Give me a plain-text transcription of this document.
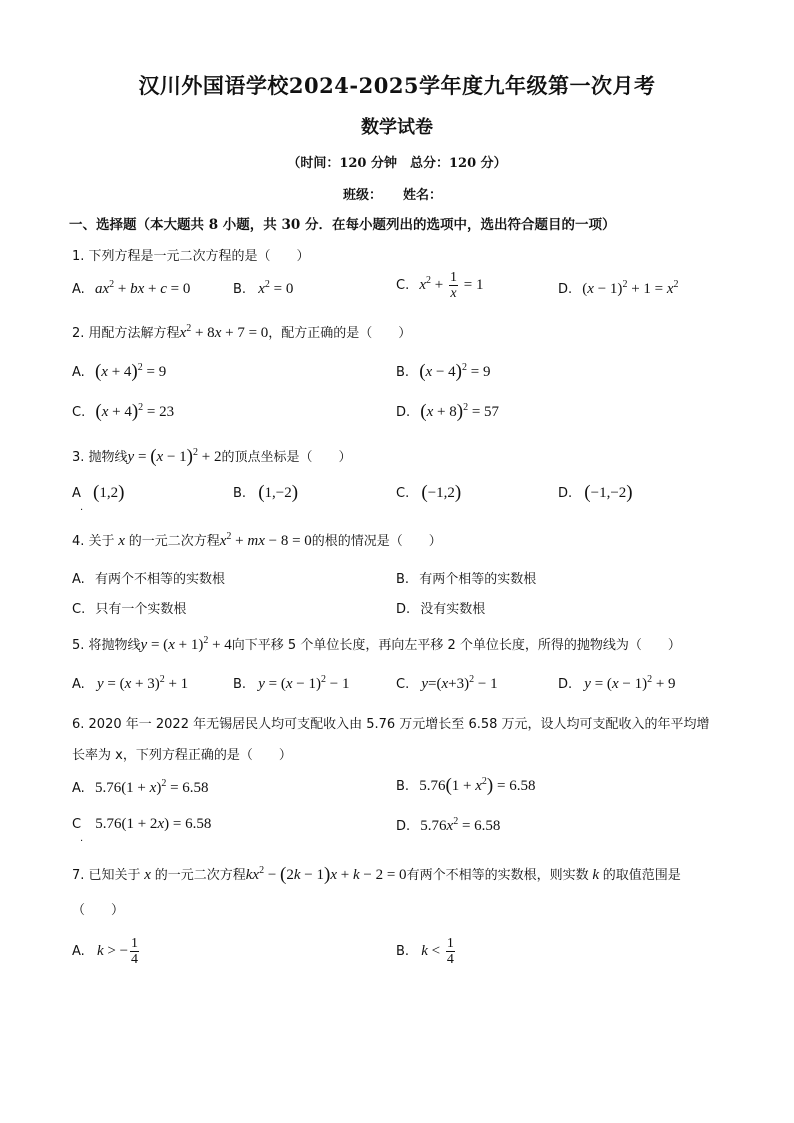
汉川外国语学校2024-2025学年度九年级第一次月考
数学试卷
（时间：120 分钟　总分：120 分）
班级： 姓名：
一、选择题（本大题共 8 小题，共 30 分．在每小题列出的选项中，选出符合题目的一项）
1. 下列方程是一元二次方程的是（　　）
A. $ax^2$ + bx + c = 0	B. $x^2 = 0$	C. $x^2 + \frac{1}{x} = 1$	D. $(x - 1)^2 + 1 = x^2$
2. 用配方法解方程$x^2 + 8x + 7 = 0$，配方正确的是（　　）
A. $(x + 4)^2 = 9$	B. $(x - 4)^2 = 9$
C. $(x + 4)^2 = 23$	D. $(x + 8)^2 = 57$
3. 抛物线$y = (x - 1)^2 + 2$的顶点坐标是（　　）
A (1,2)
.
B. (1,−2)	C. (−1,2)	D. (−1,−2)
4. 关于 x 的一元二次方程$x^2$ + mx − 8 = 0的根的情况是（　　）
A. 有两个不相等的实数根	B. 有两个相等的实数根
C. 只有一个实数根	D. 没有实数根
5. 将抛物线$y = (x + 1)^2 + 4$向下平移 5 个单位长度，再向左平移 2 个单位长度，所得的抛物线为（　　）
A. $y = (x + 3)^2 + 1$	B. $y = (x - 1)^2 - 1$	C. $y=(x+3)^2 - 1$	D. $y = (x - 1)^2 + 9$
6. 2020 年一 2022 年无锡居民人均可支配收入由 5.76 万元增长至 6.58 万元，设人均可支配收入的年平均增
长率为 x，下列方程正确的是（　　）
A. $5.76(1 + x)^2 = 6.58$	B. $5.76(1 + x^2) = 6.58$
C 5.76(1 + 2x) = 6.58
.
D. $5.76x^2 = 6.58$
7. 已知关于 x 的一元二次方程$kx^2 - (2k - 1)x + k - 2 = 0$有两个不相等的实数根，则实数 k 的取值范围是
（　　）
A. k > − $\frac{1}{4}$	B. $k < \frac{1}{4}$
